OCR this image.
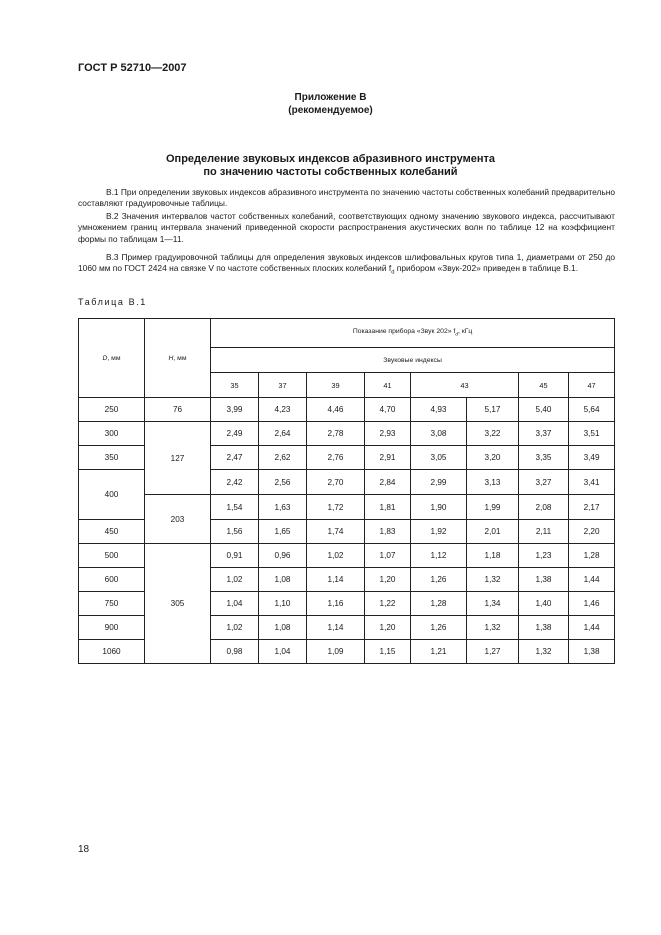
ГОСТ Р 52710—2007
Приложение В
(рекомендуемое)
Определение звуковых индексов абразивного инструмента
по значению частоты собственных колебаний
В.1 При определении звуковых индексов абразивного инструмента по значению частоты собственных колебаний предварительно составляют градуировочные таблицы.
В.2 Значения интервалов частот собственных колебаний, соответствующих одному значению звукового индекса, рассчитывают умножением границ интервала значений приведенной скорости распространения акустических волн по таблице 12 на коэффициент формы по таблицам 1—11.
В.3 Пример градуировочной таблицы для определения звуковых индексов шлифовальных кругов типа 1, диаметрами от 250 до 1060 мм по ГОСТ 2424 на связке V по частоте собственных плоских колебаний $f_d$ прибором «Звук-202» приведен в таблице В.1.
Таблица В.1
D, мм	H, мм	Показание прибора «Звук 202» $f_d$, кГц							
		Звуковые индексы							
		35	37	39	41	43		45	47
250	76	3,99	4,23	4,46	4,70	4,93	5,17	5,40	5,64
300	127	2,49	2,64	2,78	2,93	3,08	3,22	3,37	3,51
350		2,47	2,62	2,76	2,91	3,05	3,20	3,35	3,49
400		2,42	2,56	2,70	2,84	2,99	3,13	3,27	3,41
	203	1,54	1,63	1,72	1,81	1,90	1,99	2,08	2,17
450		1,56	1,65	1,74	1,83	1,92	2,01	2,11	2,20
500	305	0,91	0,96	1,02	1,07	1,12	1,18	1,23	1,28
600		1,02	1,08	1,14	1,20	1,26	1,32	1,38	1,44
750		1,04	1,10	1,16	1,22	1,28	1,34	1,40	1,46
900		1,02	1,08	1,14	1,20	1,26	1,32	1,38	1,44
1060		0,98	1,04	1,09	1,15	1,21	1,27	1,32	1,38
18
